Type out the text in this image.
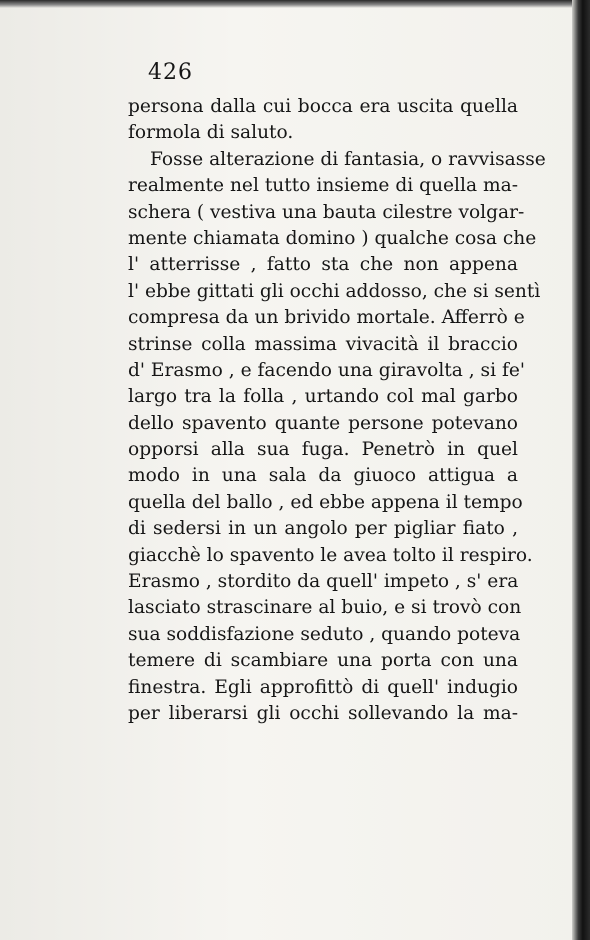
426
persona dalla cui bocca era uscita quella
formola di saluto.
Fosse alterazione di fantasia, o ravvisasse
realmente nel tutto insieme di quella ma-
schera ( vestiva una bauta cilestre volgar-
mente chiamata domino ) qualche cosa che
l' atterrisse , fatto sta che non appena
l' ebbe gittati gli occhi addosso, che si sentì
compresa da un brivido mortale. Afferrò e
strinse colla massima vivacità il braccio
d' Erasmo , e facendo una giravolta , si fe'
largo tra la folla , urtando col mal garbo
dello spavento quante persone potevano
opporsi alla sua fuga. Penetrò in quel
modo in una sala da giuoco attigua a
quella del ballo , ed ebbe appena il tempo
di sedersi in un angolo per pigliar fiato ,
giacchè lo spavento le avea tolto il respiro.
Erasmo , stordito da quell' impeto , s' era
lasciato strascinare al buio, e si trovò con
sua soddisfazione seduto , quando poteva
temere di scambiare una porta con una
finestra. Egli approfittò di quell' indugio
per liberarsi gli occhi sollevando la ma-
